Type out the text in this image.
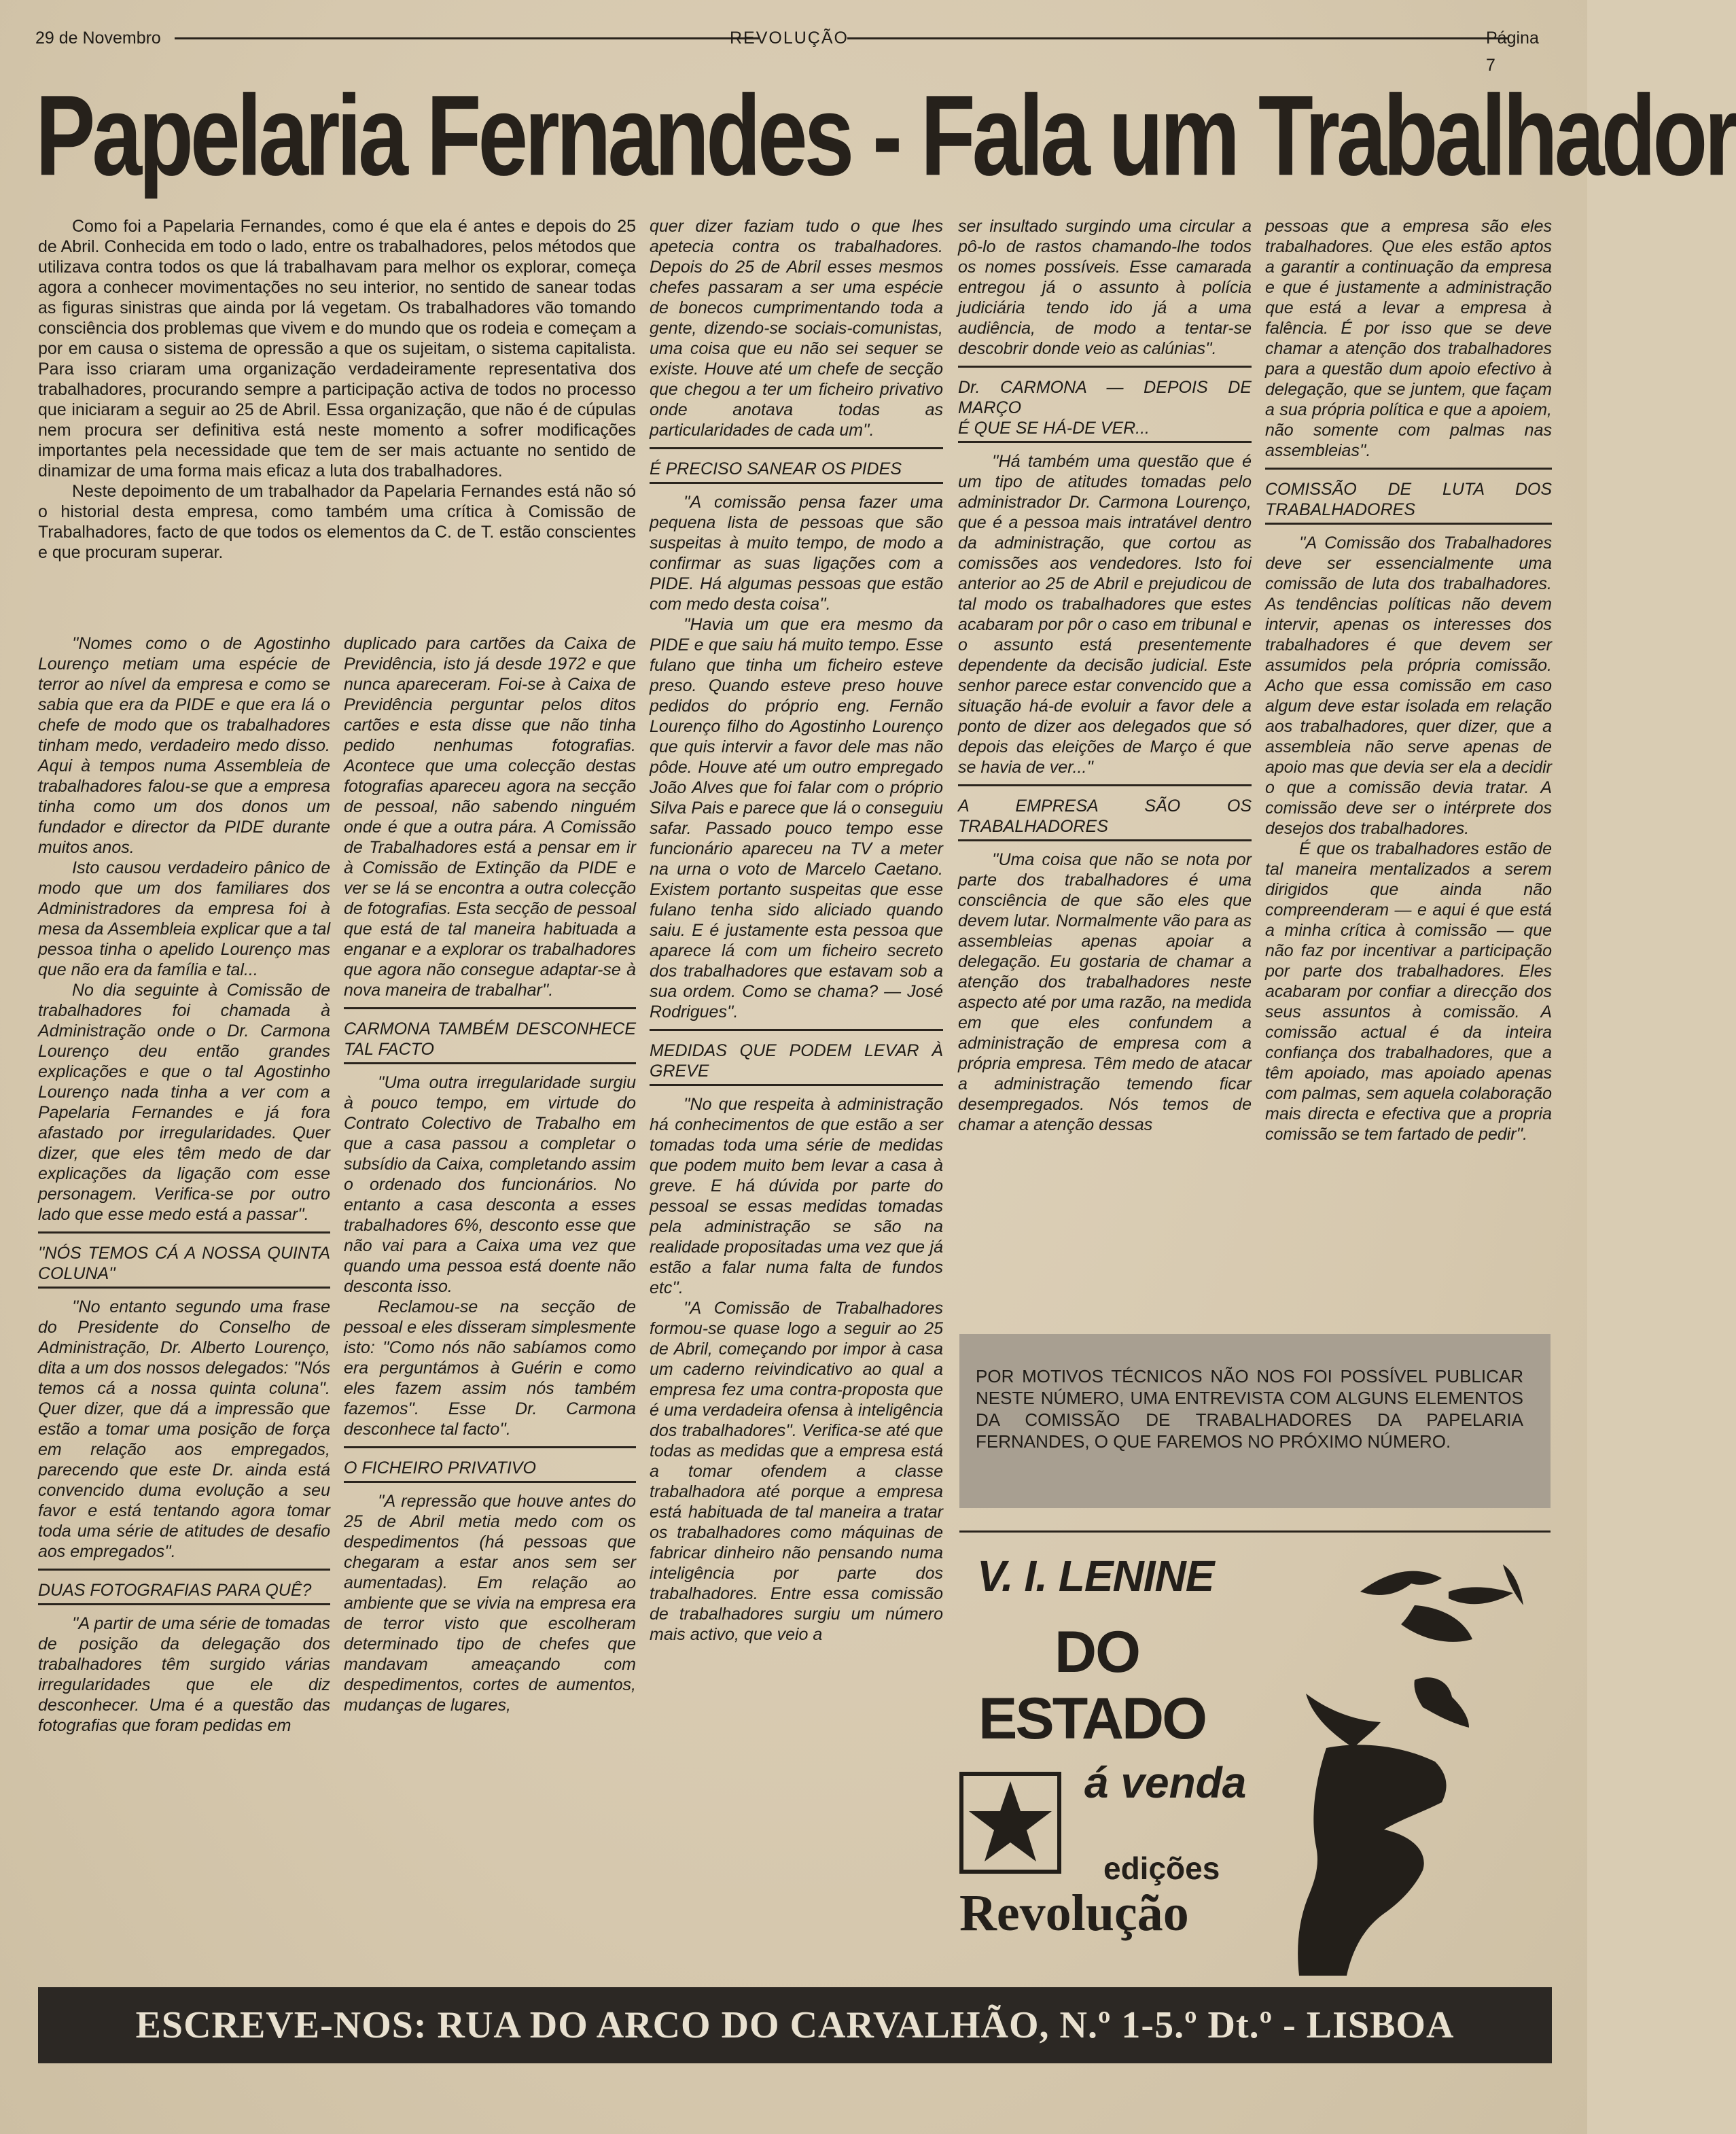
29 de Novembro	REVOLUÇÃO	Página 7
Papelaria Fernandes - Fala um Trabalhador

Como foi a Papelaria Fernandes, como é que ela é antes e depois do 25 de Abril. Conhecida em todo o lado, entre os trabalhadores, pelos métodos que utilizava contra todos os que lá trabalhavam para melhor os explorar, começa agora a conhecer movimentações no seu interior, no sentido de sanear todas as figuras sinistras que ainda por lá vegetam. Os trabalhadores vão tomando consciência dos problemas que vivem e do mundo que os rodeia e começam a por em causa o sistema de opressão a que os sujeitam, o sistema capitalista. Para isso criaram uma organização verdadeiramente representativa dos trabalhadores, procurando sempre a participação activa de todos no processo que iniciaram a seguir ao 25 de Abril. Essa organização, que não é de cúpulas nem procura ser definitiva está neste momento a sofrer modificações importantes pela necessidade que tem de ser mais actuante no sentido de dinamizar de uma forma mais eficaz a luta dos trabalhadores.

Neste depoimento de um trabalhador da Papelaria Fernandes está não só o historial desta empresa, como também uma crítica à Comissão de Trabalhadores, facto de que todos os elementos da C. de T. estão conscientes e que procuram superar.

''Nomes como o de Agostinho Lourenço metiam uma espécie de terror ao nível da empresa e como se sabia que era da PIDE e que era lá o chefe de modo que os trabalhadores tinham medo, verdadeiro medo disso. Aqui à tempos numa Assembleia de trabalhadores falou-se que a empresa tinha como um dos donos um fundador e director da PIDE durante muitos anos.

Isto causou verdadeiro pânico de modo que um dos familiares dos Administradores da empresa foi à mesa da Assembleia explicar que a tal pessoa tinha o apelido Lourenço mas que não era da família e tal...

No dia seguinte à Comissão de trabalhadores foi chamada à Administração onde o Dr. Carmona Lourenço deu então grandes explicações e que o tal Agostinho Lourenço nada tinha a ver com a Papelaria Fernandes e já fora afastado por irregularidades. Quer dizer, que eles têm medo de dar explicações da ligação com esse personagem. Verifica-se por outro lado que esse medo está a passar''.

''NÓS TEMOS CÁ A NOSSA QUINTA COLUNA''

''No entanto segundo uma frase do Presidente do Conselho de Administração, Dr. Alberto Lourenço, dita a um dos nossos delegados: ''Nós temos cá a nossa quinta coluna''. Quer dizer, que dá a impressão que estão a tomar uma posição de força em relação aos empregados, parecendo que este Dr. ainda está convencido duma evolução a seu favor e está tentando agora tomar toda uma série de atitudes de desafio aos empregados''.

DUAS FOTOGRAFIAS PARA QUÊ?

''A partir de uma série de tomadas de posição da delegação dos trabalhadores têm surgido várias irregularidades que ele diz desconhecer. Uma é a questão das fotografias que foram pedidas em

duplicado para cartões da Caixa de Previdência, isto já desde 1972 e que nunca apareceram. Foi-se à Caixa de Previdência perguntar pelos ditos cartões e esta disse que não tinha pedido nenhumas fotografias. Acontece que uma colecção destas fotografias apareceu agora na secção de pessoal, não sabendo ninguém onde é que a outra pára. A Comissão de Trabalhadores está a pensar em ir à Comissão de Extinção da PIDE e ver se lá se encontra a outra colecção de fotografias. Esta secção de pessoal que está de tal maneira habituada a enganar e a explorar os trabalhadores que agora não consegue adaptar-se à nova maneira de trabalhar''.

CARMONA TAMBÉM DESCONHECE TAL FACTO

''Uma outra irregularidade surgiu à pouco tempo, em virtude do Contrato Colectivo de Trabalho em que a casa passou a completar o subsídio da Caixa, completando assim o ordenado dos funcionários. No entanto a casa desconta a esses trabalhadores 6%, desconto esse que não vai para a Caixa uma vez que quando uma pessoa está doente não desconta isso.

Reclamou-se na secção de pessoal e eles disseram simplesmente isto: ''Como nós não sabíamos como era perguntámos à Guérin e como eles fazem assim nós também fazemos''. Esse Dr. Carmona desconhece tal facto''.

O FICHEIRO PRIVATIVO

''A repressão que houve antes do 25 de Abril metia medo com os despedimentos (há pessoas que chegaram a estar anos sem ser aumentadas). Em relação ao ambiente que se vivia na empresa era de terror visto que escolheram determinado tipo de chefes que mandavam ameaçando com despedimentos, cortes de aumentos, mudanças de lugares,

quer dizer faziam tudo o que lhes apetecia contra os trabalhadores. Depois do 25 de Abril esses mesmos chefes passaram a ser uma espécie de bonecos cumprimentando toda a gente, dizendo-se sociais-comunistas, uma coisa que eu não sei sequer se existe. Houve até um chefe de secção que chegou a ter um ficheiro privativo onde anotava todas as particularidades de cada um''.

É PRECISO SANEAR OS PIDES

''A comissão pensa fazer uma pequena lista de pessoas que são suspeitas à muito tempo, de modo a confirmar as suas ligações com a PIDE. Há algumas pessoas que estão com medo desta coisa''.

''Havia um que era mesmo da PIDE e que saiu há muito tempo. Esse fulano que tinha um ficheiro esteve preso. Quando esteve preso houve pedidos do próprio eng. Fernão Lourenço filho do Agostinho Lourenço que quis intervir a favor dele mas não pôde. Houve até um outro empregado João Alves que foi falar com o próprio Silva Pais e parece que lá o conseguiu safar. Passado pouco tempo esse funcionário apareceu na TV a meter na urna o voto de Marcelo Caetano. Existem portanto suspeitas que esse fulano tenha sido aliciado quando saiu. E é justamente esta pessoa que aparece lá com um ficheiro secreto dos trabalhadores que estavam sob a sua ordem. Como se chama? — José Rodrigues''.

MEDIDAS QUE PODEM LEVAR À GREVE

''No que respeita à administração há conhecimentos de que estão a ser tomadas toda uma série de medidas que podem muito bem levar a casa à greve. E há dúvida por parte do pessoal se essas medidas tomadas pela administração se são na realidade propositadas uma vez que já estão a falar numa falta de fundos etc''.

''A Comissão de Trabalhadores formou-se quase logo a seguir ao 25 de Abril, começando por impor à casa um caderno reivindicativo ao qual a empresa fez uma contra-proposta que é uma verdadeira ofensa à inteligência dos trabalhadores''. Verifica-se até que todas as medidas que a empresa está a tomar ofendem a classe trabalhadora até porque a empresa está habituada de tal maneira a tratar os trabalhadores como máquinas de fabricar dinheiro não pensando numa inteligência por parte dos trabalhadores. Entre essa comissão de trabalhadores surgiu um número mais activo, que veio a

ser insultado surgindo uma circular a pô-lo de rastos chamando-lhe todos os nomes possíveis. Esse camarada entregou já o assunto à polícia judiciária tendo ido já a uma audiência, de modo a tentar-se descobrir donde veio as calúnias''.

Dr. CARMONA — DEPOIS DE MARÇO
É QUE SE HÁ-DE VER...

''Há também uma questão que é um tipo de atitudes tomadas pelo administrador Dr. Carmona Lourenço, que é a pessoa mais intratável dentro da administração, que cortou as comissões aos vendedores. Isto foi anterior ao 25 de Abril e prejudicou de tal modo os trabalhadores que estes acabaram por pôr o caso em tribunal e o assunto está presentemente dependente da decisão judicial. Este senhor parece estar convencido que a situação há-de evoluir a favor dele a ponto de dizer aos delegados que só depois das eleições de Março é que se havia de ver...''

A EMPRESA SÃO OS TRABALHADORES

''Uma coisa que não se nota por parte dos trabalhadores é uma consciência de que são eles que devem lutar. Normalmente vão para as assembleias apenas apoiar a delegação. Eu gostaria de chamar a atenção dos trabalhadores neste aspecto até por uma razão, na medida em que eles confundem a administração de empresa com a própria empresa. Têm medo de atacar a administração temendo ficar desempregados. Nós temos de chamar a atenção dessas

pessoas que a empresa são eles trabalhadores. Que eles estão aptos a garantir a continuação da empresa e que é justamente a administração que está a levar a empresa à falência. É por isso que se deve chamar a atenção dos trabalhadores para a questão dum apoio efectivo à delegação, que se juntem, que façam a sua própria política e que a apoiem, não somente com palmas nas assembleias''.

COMISSÃO DE LUTA DOS TRABALHADORES

''A Comissão dos Trabalhadores deve ser essencialmente uma comissão de luta dos trabalhadores. As tendências políticas não devem intervir, apenas os interesses dos trabalhadores é que devem ser assumidos pela própria comissão. Acho que essa comissão em caso algum deve estar isolada em relação aos trabalhadores, quer dizer, que a assembleia não serve apenas de apoio mas que devia ser ela a decidir o que a comissão devia tratar. A comissão deve ser o intérprete dos desejos dos trabalhadores.

É que os trabalhadores estão de tal maneira mentalizados a serem dirigidos que ainda não compreenderam — e aqui é que está a minha crítica à comissão — que não faz por incentivar a participação por parte dos trabalhadores. Eles acabaram por confiar a direcção dos seus assuntos à comissão. A comissão actual é da inteira confiança dos trabalhadores, que a têm apoiado, mas apoiado apenas com palmas, sem aquela colaboração mais directa e efectiva que a propria comissão se tem fartado de pedir''.

POR MOTIVOS TÉCNICOS NÃO NOS FOI POSSÍVEL PUBLICAR NESTE NÚMERO, UMA ENTREVISTA COM ALGUNS ELEMENTOS DA COMISSÃO DE TRABALHADORES DA PAPELARIA FERNANDES, O QUE FAREMOS NO PRÓXIMO NÚMERO.
V. I. LENINE
DO
ESTADO
á venda
edições
Revolução
ESCREVE-NOS: RUA DO ARCO DO CARVALHÃO, N.º 1-5.º Dt.º - LISBOA
